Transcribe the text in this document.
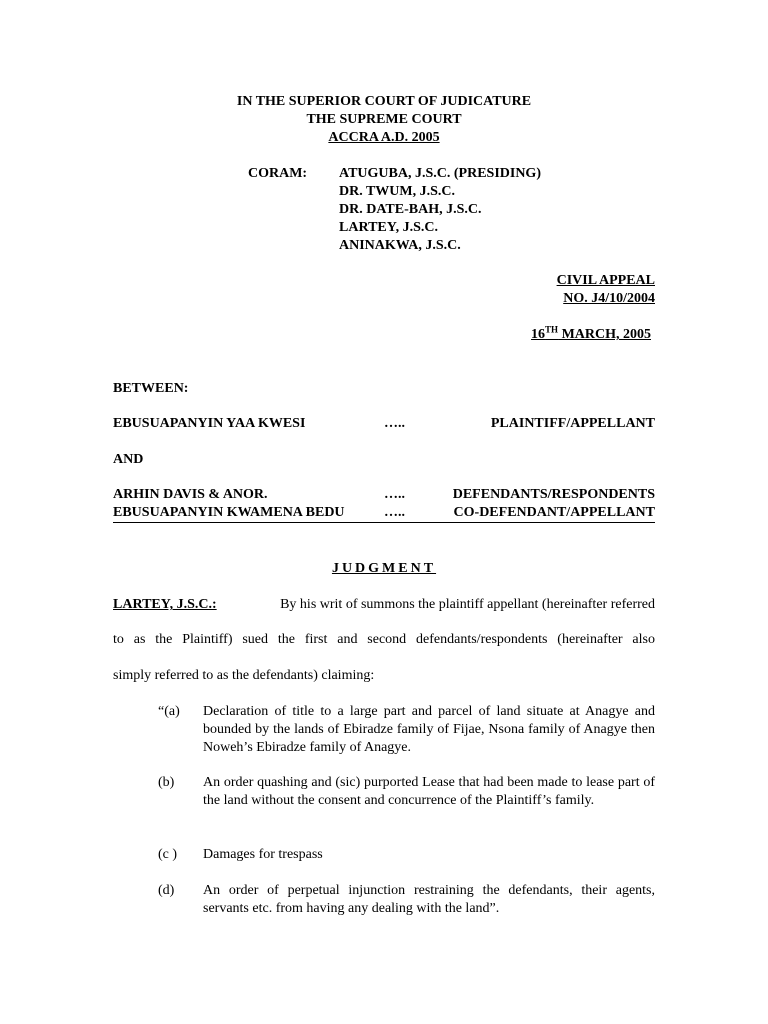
IN THE SUPERIOR COURT OF JUDICATURE
THE SUPREME COURT
ACCRA A.D. 2005
CORAM: ATUGUBA, J.S.C. (PRESIDING)
DR. TWUM, J.S.C.
DR. DATE-BAH, J.S.C.
LARTEY, J.S.C.
ANINAKWA, J.S.C.
CIVIL APPEAL
NO. J4/10/2004
16TH MARCH, 2005
BETWEEN:
EBUSUAPANYIN YAA KWESI	…..	PLAINTIFF/APPELLANT
AND
ARHIN DAVIS & ANOR.	…..	DEFENDANTS/RESPONDENTS
EBUSUAPANYIN KWAMENA BEDU	…..	CO-DEFENDANT/APPELLANT
JUDGMENT
LARTEY, J.S.C.:	By his writ of summons the plaintiff appellant (hereinafter referred
to as the Plaintiff) sued the first and second defendants/respondents (hereinafter also
simply referred to as the defendants) claiming:
“(a) Declaration of title to a large part and parcel of land situate at Anagye and bounded by the lands of Ebiradze family of Fijae, Nsona family of Anagye then Noweh’s Ebiradze family of Anagye.
(b) An order quashing and (sic) purported Lease that had been made to lease part of the land without the consent and concurrence of the Plaintiff’s family.
(c ) Damages for trespass
(d) An order of perpetual injunction restraining the defendants, their agents, servants etc. from having any dealing with the land”.
